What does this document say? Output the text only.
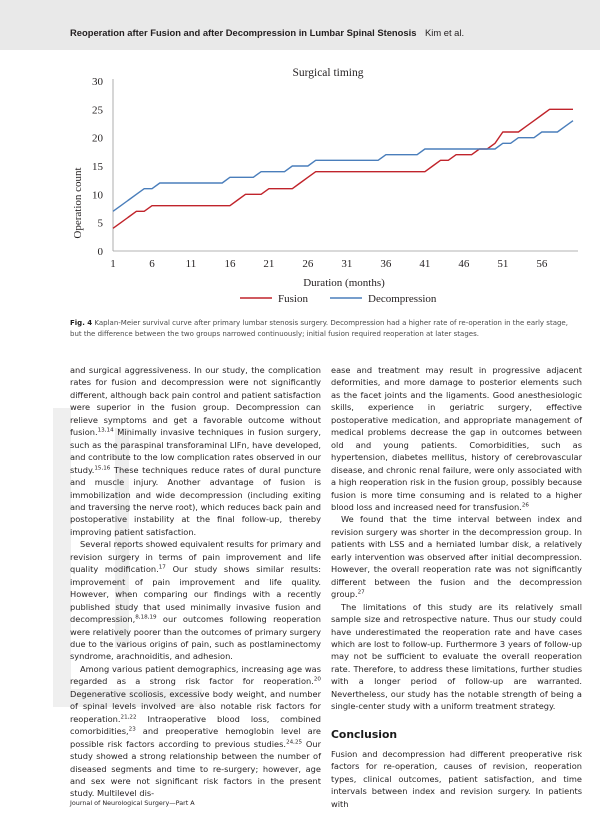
Reoperation after Fusion and after Decompression in Lumbar Spinal Stenosis Kim et al.
Surgical timing
Operation count
0
5
10
15
20
25
30
1	6	11	16	21	26	31	36	41	46	51	56
Duration (months)
Fusion	Decompression
Fig. 4 Kaplan-Meier survival curve after primary lumbar stenosis surgery. Decompression had a higher rate of re-operation in the early stage, but the difference between the two groups narrowed continuously; initial fusion required reoperation at later stages.

and surgical aggressiveness. In our study, the complication rates for fusion and decompression were not significantly different, although back pain control and patient satisfaction were superior in the fusion group. Decompression can relieve symptoms and get a favorable outcome without fusion.$^{13,14}$ Minimally invasive techniques in fusion surgery, such as the paraspinal transforaminal LIFn, have developed, and contribute to the low complication rates observed in our study.$^{15,16}$ These techniques reduce rates of dural puncture and muscle injury. Another advantage of fusion is immobilization and wide decompression (including exiting and traversing the nerve root), which reduces back pain and postoperative instability at the final follow-up, thereby improving patient satisfaction.

Several reports showed equivalent results for primary and revision surgery in terms of pain improvement and life quality modification.$^{17}$ Our study shows similar results: improvement of pain improvement and life quality. However, when comparing our findings with a recently published study that used minimally invasive fusion and decompression,$^{8,18,19}$ our outcomes following reoperation were relatively poorer than the outcomes of primary surgery due to the various origins of pain, such as postlaminectomy syndrome, arachnoiditis, and adhesion.

Among various patient demographics, increasing age was regarded as a strong risk factor for reoperation.$^{20}$ Degenerative scoliosis, excessive body weight, and number of spinal levels involved are also notable risk factors for reoperation.$^{21,22}$ Intraoperative blood loss, combined comorbidities,$^{23}$ and preoperative hemoglobin level are possible risk factors according to previous studies.$^{24,25}$ Our study showed a strong relationship between the number of diseased segments and time to re-surgery; however, age and sex were not significant risk factors in the present study. Multilevel dis-

ease and treatment may result in progressive adjacent deformities, and more damage to posterior elements such as the facet joints and the ligaments. Good anesthesiologic skills, experience in geriatric surgery, effective postoperative medication, and appropriate management of medical problems decrease the gap in outcomes between old and young patients. Comorbidities, such as hypertension, diabetes mellitus, history of cerebrovascular disease, and chronic renal failure, were only associated with a high reoperation risk in the fusion group, possibly because fusion is more time consuming and is related to a higher blood loss and increased need for transfusion.$^{26}$

We found that the time interval between index and revision surgery was shorter in the decompression group. In patients with LSS and a herniated lumbar disk, a relatively early intervention was observed after initial decompression. However, the overall reoperation rate was not significantly different between the fusion and the decompression group.$^{27}$

The limitations of this study are its relatively small sample size and retrospective nature. Thus our study could have underestimated the reoperation rate and have cases which are lost to follow-up. Furthermore 3 years of follow-up may not be sufficient to evaluate the overall reoperation rate. Therefore, to address these limitations, further studies with a longer period of follow-up are warranted. Nevertheless, our study has the notable strength of being a single-center study with a uniform treatment strategy.

Conclusion

Fusion and decompression had different preoperative risk factors for re-operation, causes of revision, reoperation types, clinical outcomes, patient satisfaction, and time intervals between index and revision surgery. In patients with

Journal of Neurological Surgery—Part A
